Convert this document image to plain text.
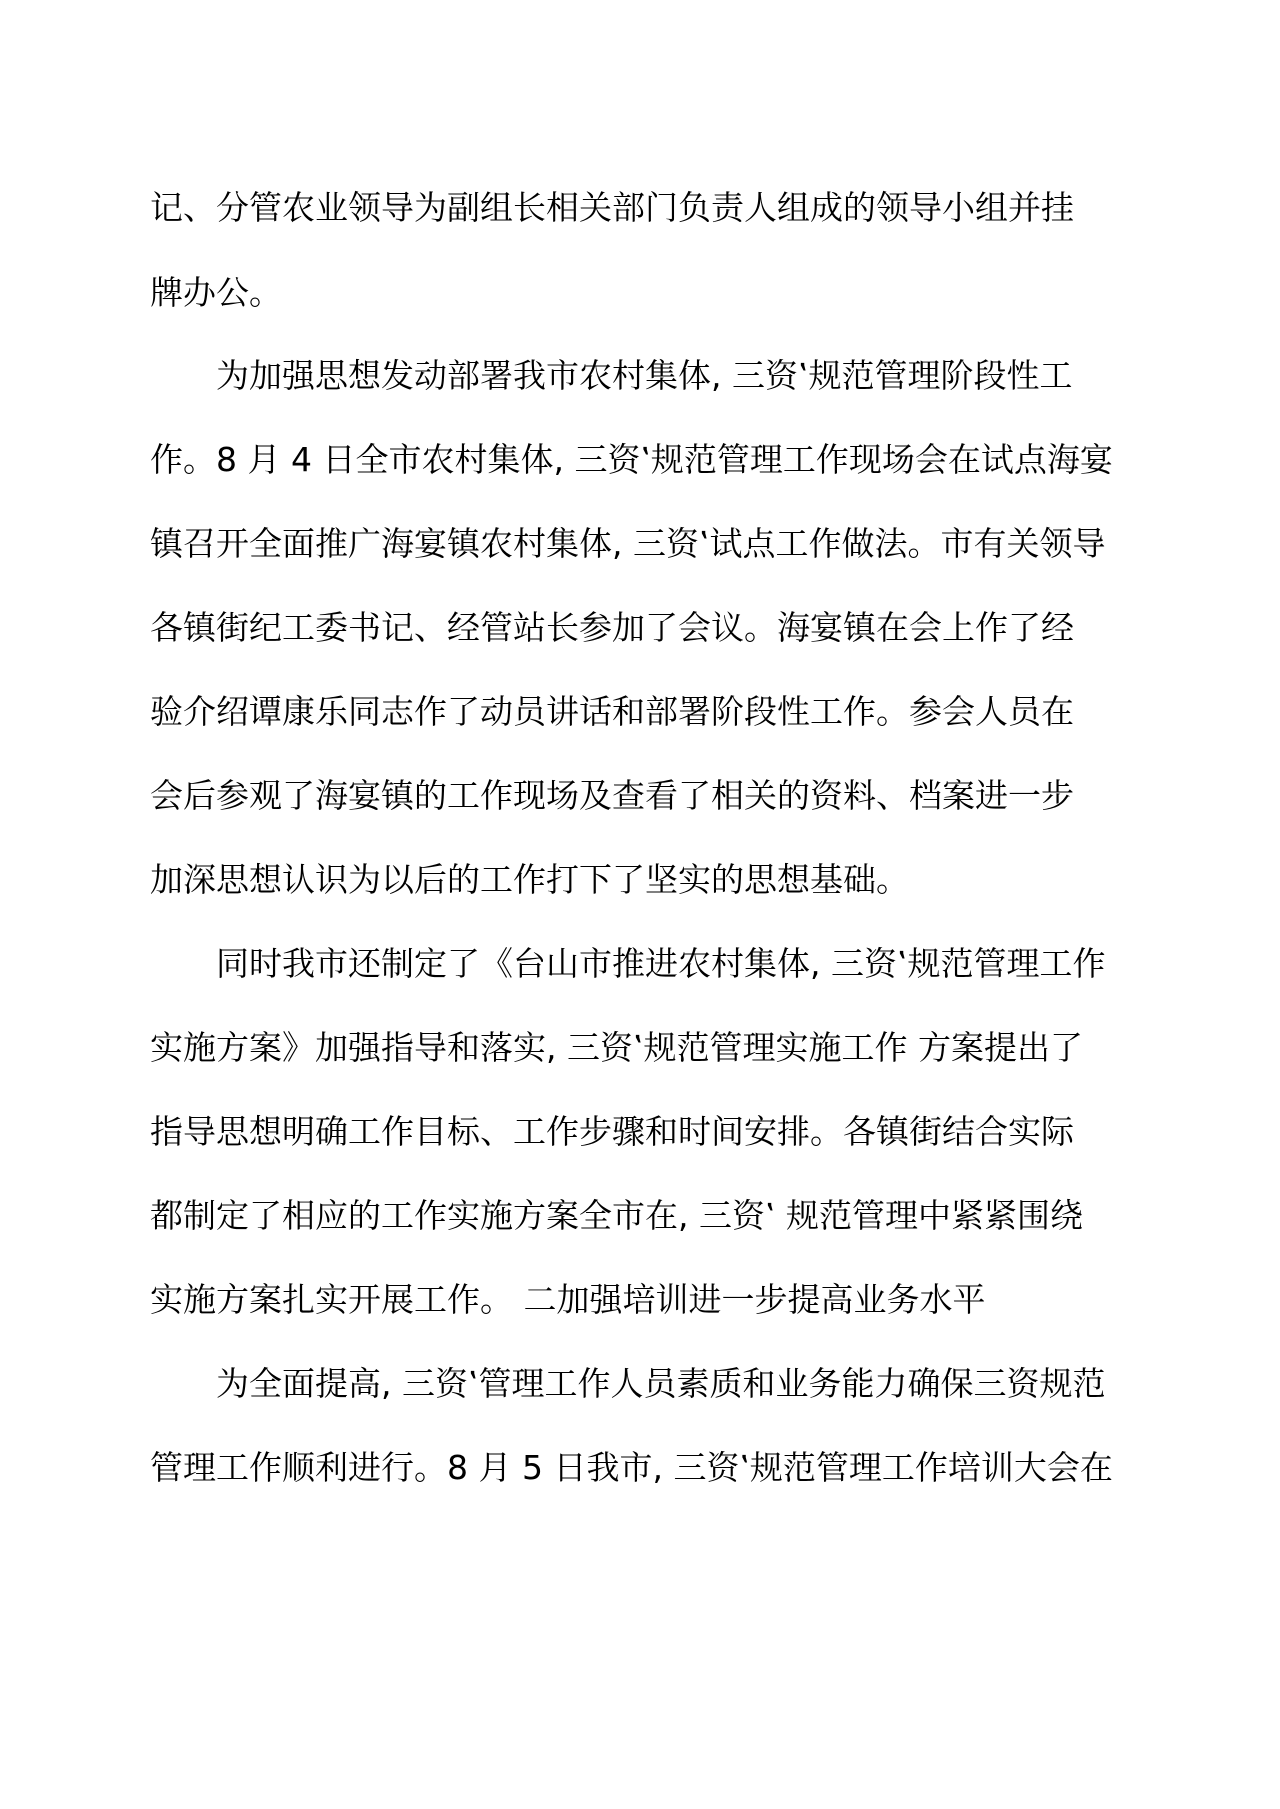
记、分管农业领导为副组长相关部门负责人组成的领导小组并挂
牌办公。
为加强思想发动部署我市农村集体, 三资‛规范管理阶段性工
作。8 月 4 日全市农村集体, 三资‛规范管理工作现场会在试点海宴
镇召开全面推广海宴镇农村集体, 三资‛试点工作做法。市有关领导
各镇街纪工委书记、经管站长参加了会议。海宴镇在会上作了经
验介绍谭康乐同志作了动员讲话和部署阶段性工作。参会人员在
会后参观了海宴镇的工作现场及查看了相关的资料、档案进一步
加深思想认识为以后的工作打下了坚实的思想基础。
同时我市还制定了《台山市推进农村集体, 三资‛规范管理工作
实施方案》加强指导和落实, 三资‛规范管理实施工作 方案提出了
指导思想明确工作目标、工作步骤和时间安排。各镇街结合实际
都制定了相应的工作实施方案全市在, 三资‛ 规范管理中紧紧围绕
实施方案扎实开展工作。 二加强培训进一步提高业务水平
为全面提高, 三资‛管理工作人员素质和业务能力确保三资规范
管理工作顺利进行。8 月 5 日我市, 三资‛规范管理工作培训大会在
